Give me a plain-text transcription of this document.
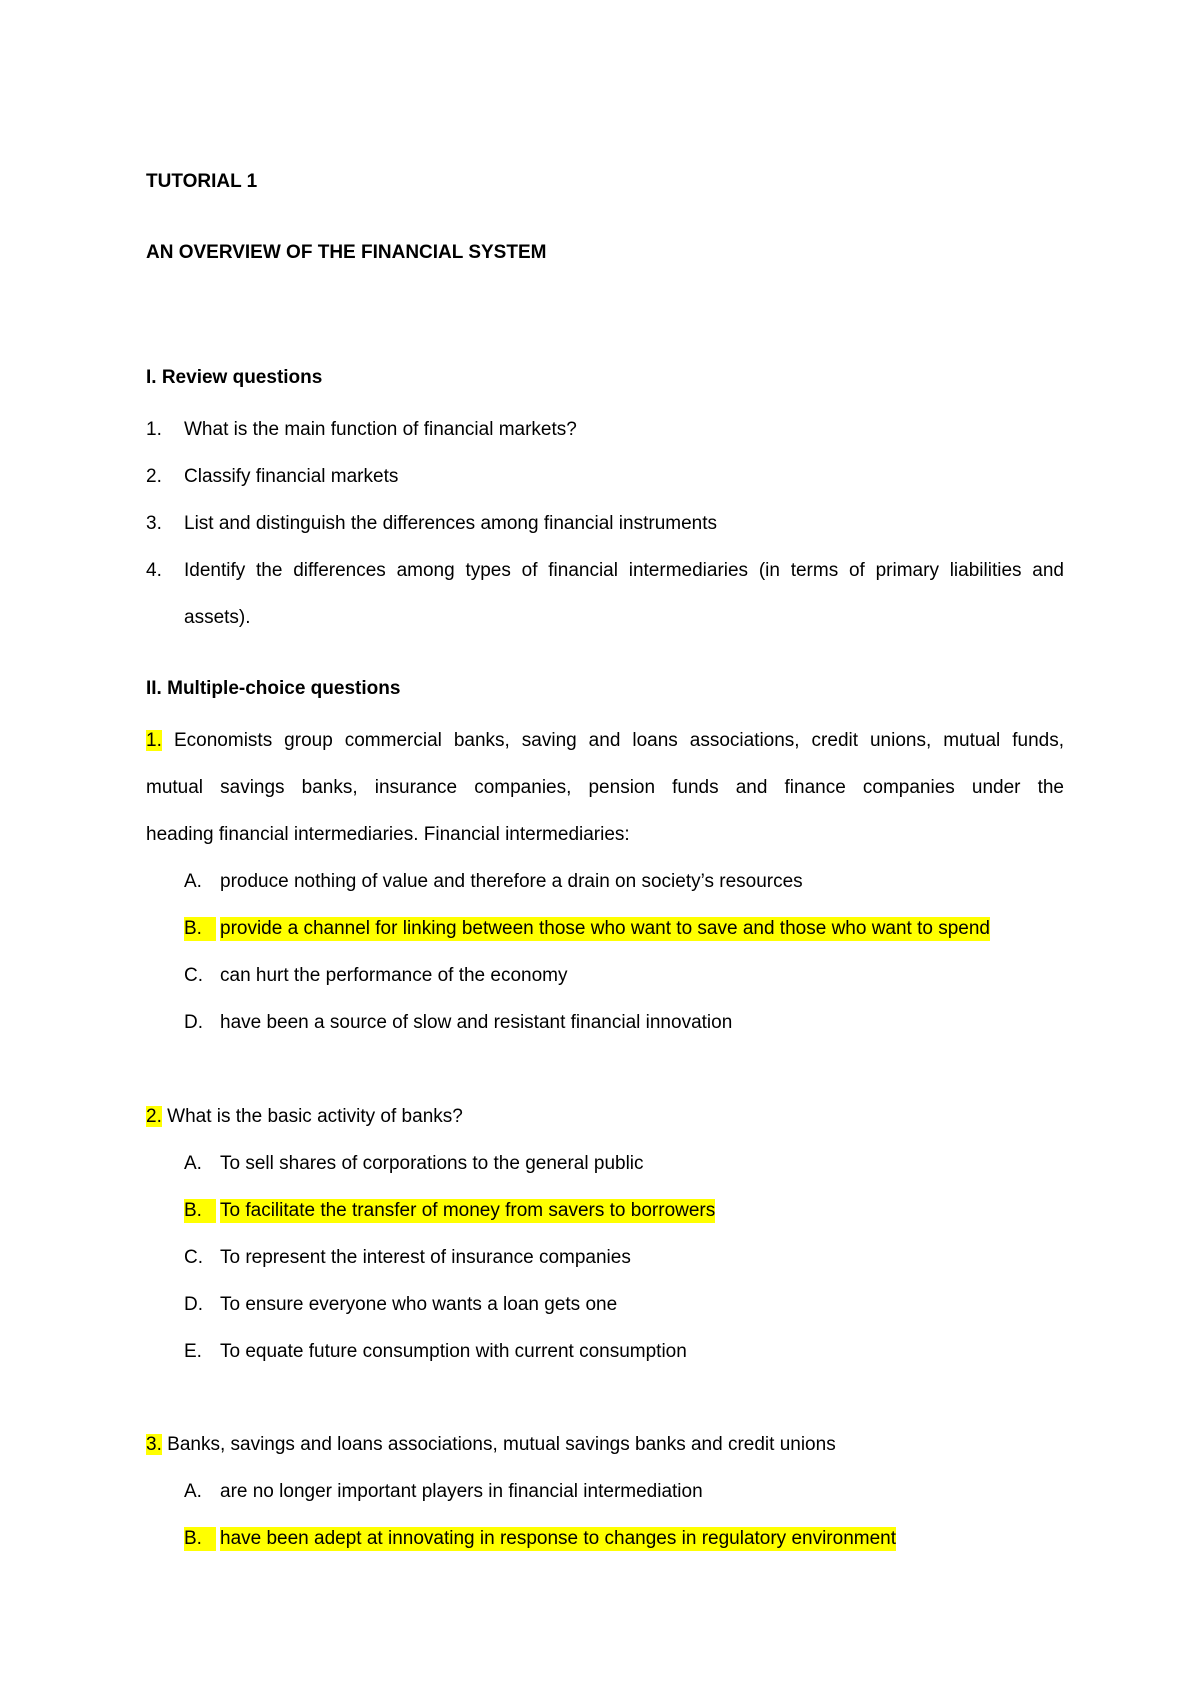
TUTORIAL 1
AN OVERVIEW OF THE FINANCIAL SYSTEM
I. Review questions
1. What is the main function of financial markets?
2. Classify financial markets
3. List and distinguish the differences among financial instruments
4. Identify the differences among types of financial intermediaries (in terms of primary liabilities and
assets).
II. Multiple-choice questions
1. Economists group commercial banks, saving and loans associations, credit unions, mutual funds,
mutual savings banks, insurance companies, pension funds and finance companies under the
heading financial intermediaries. Financial intermediaries:
A. produce nothing of value and therefore a drain on society’s resources
B. provide a channel for linking between those who want to save and those who want to spend
C. can hurt the performance of the economy
D. have been a source of slow and resistant financial innovation
2. What is the basic activity of banks?
A. To sell shares of corporations to the general public
B. To facilitate the transfer of money from savers to borrowers
C. To represent the interest of insurance companies
D. To ensure everyone who wants a loan gets one
E. To equate future consumption with current consumption
3. Banks, savings and loans associations, mutual savings banks and credit unions
A. are no longer important players in financial intermediation
B. have been adept at innovating in response to changes in regulatory environment
